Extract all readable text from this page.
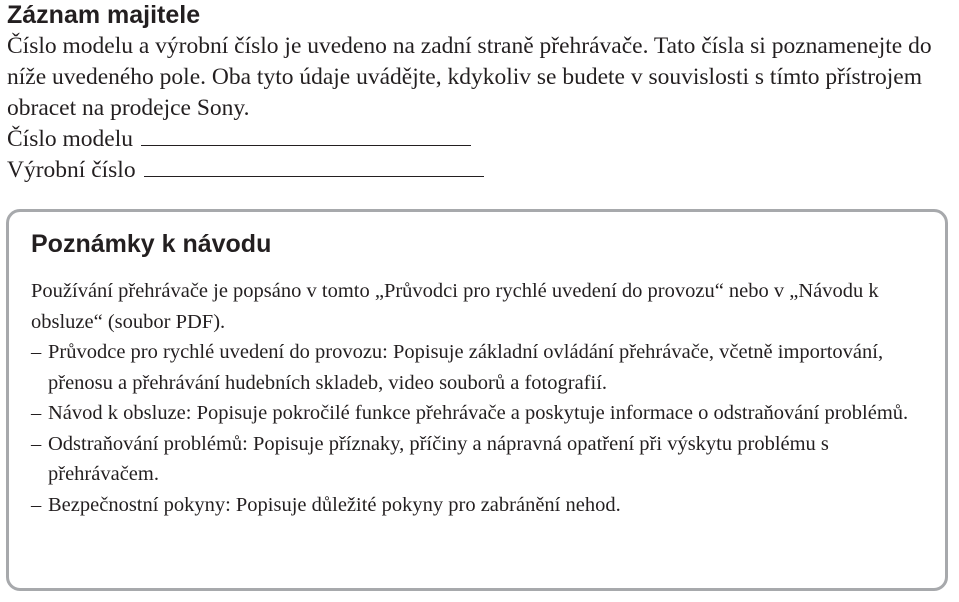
Záznam majitele

Číslo modelu a výrobní číslo je uvedeno na zadní straně přehrávače. Tato čísla si poznamenejte do níže uvedeného pole. Oba tyto údaje uvádějte, kdykoliv se budete v souvislosti s tímto přístrojem obracet na prodejce Sony.

Číslo modelu
Výrobní číslo
Poznámky k návodu

Používání přehrávače je popsáno v tomto „Průvodci pro rychlé uvedení do provozu“ nebo v „Návodu k obsluze“ (soubor PDF).

– Průvodce pro rychlé uvedení do provozu: Popisuje základní ovládání přehrávače, včetně importování, přenosu a přehrávání hudebních skladeb, video souborů a fotografií.
– Návod k obsluze: Popisuje pokročilé funkce přehrávače a poskytuje informace o odstraňování problémů.
– Odstraňování problémů: Popisuje příznaky, příčiny a nápravná opatření při výskytu problému s přehrávačem.
– Bezpečnostní pokyny: Popisuje důležité pokyny pro zabránění nehod.
